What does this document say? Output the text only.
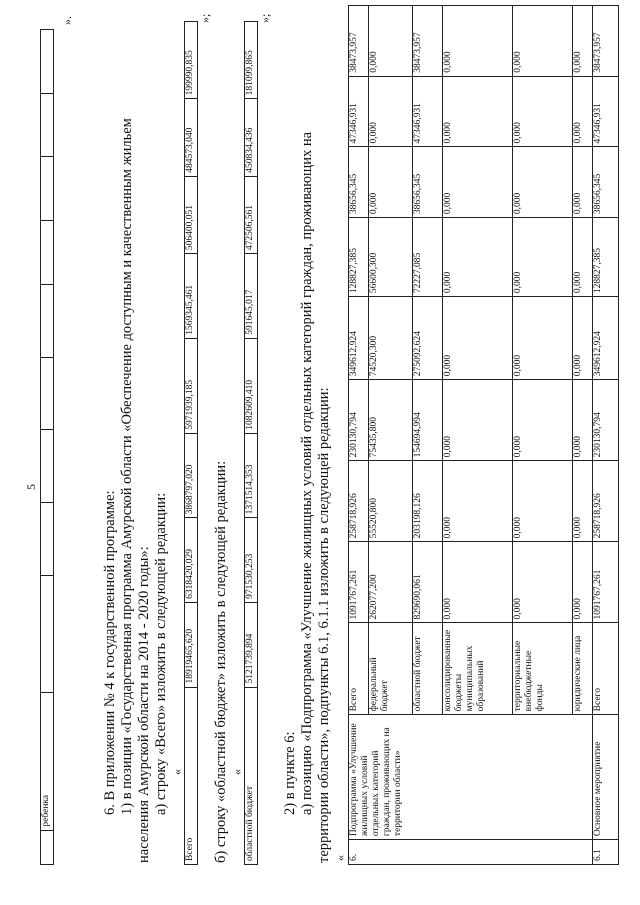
5
	ребенка									
».
6. В приложении № 4 к государственной программе: 1) в позиции «Государственная программа Амурской области «Обеспечение доступным и качественным жильем населения Амурской области на 2014 - 2020 годы»: а) строку «Всего» изложить в следующей редакции: «
Всего	18919465,620	6318420,029	3868797,020	5971939,185	1569345,461	506400,051	484573,040	199990,835
»;
б) строку «областной бюджет» изложить в следующей редакции: «
областной бюджет	5121739,894	971530,253	1371514,353	1082609,410	591645,017	472506,561	450834,436	181099,865
»;
2) в пункте 6: а) позицию «Подпрограмма «Улучшение жилищных условий отдельных категорий граждан, проживающих на территории области», подпункты 6.1, 6.1.1 изложить в следующей редакции: « 6.	Подпрограмма «Улучшение жилищных условий отдельных категорий граждан, проживающих на территории области»	Всего	1091767,261	258718,926	230130,794	349612,924	128827,385	38656,345	47346,931	38473,957
		федеральный бюджет	262077,200	55520,800	75435,800	74520,300	56600,300	0,000	0,000	0,000
		областной бюджет	829690,061	203198,126	154694,994	275092,624	72227,085	38656,345	47346,931	38473,957
		консолидированные бюджеты муниципальных образований	0,000	0,000	0,000	0,000	0,000	0,000	0,000	0,000
		территориальные внебюджетные фонды	0,000	0,000	0,000	0,000	0,000	0,000	0,000	0,000
		юридические лица	0,000	0,000	0,000	0,000	0,000	0,000	0,000	0,000
6.1	Основное мероприятие	Всего	1091767,261	258718,926	230130,794	349612,924	128827,385	38656,345	47346,931	38473,957
